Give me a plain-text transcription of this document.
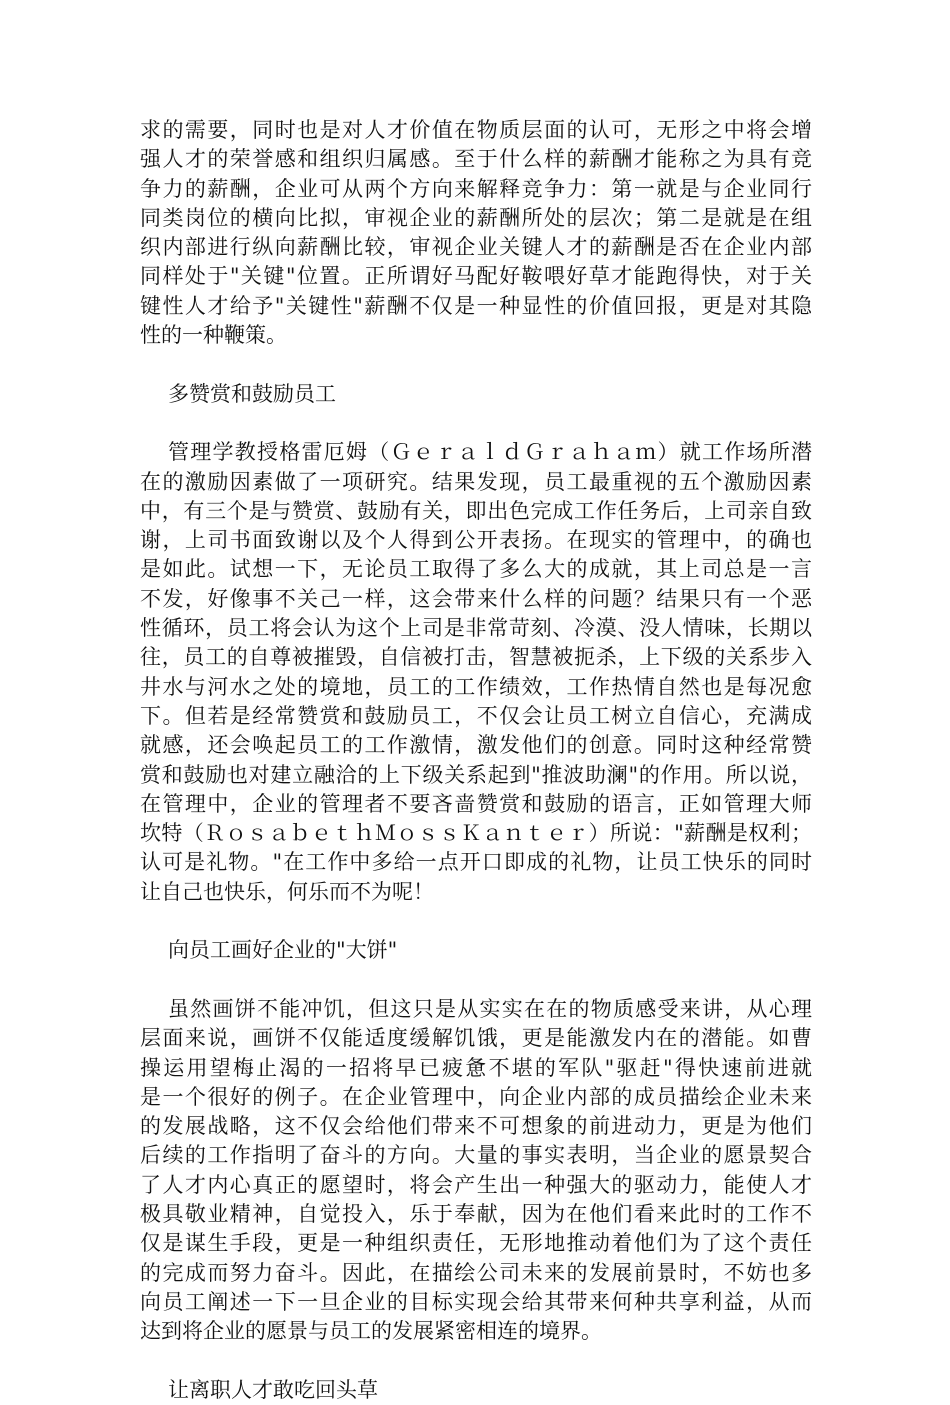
求的需要，同时也是对人才价值在物质层面的认可，无形之中将会增
强人才的荣誉感和组织归属感。至于什么样的薪酬才能称之为具有竞
争力的薪酬，企业可从两个方向来解释竞争力：第一就是与企业同行
同类岗位的横向比拟，审视企业的薪酬所处的层次；第二是就是在组
织内部进行纵向薪酬比较，审视企业关键人才的薪酬是否在企业内部
同样处于"关键"位置。正所谓好马配好鞍喂好草才能跑得快，对于关
键性人才给予"关键性"薪酬不仅是一种显性的价值回报，更是对其隐
性的一种鞭策。
多赞赏和鼓励员工
管理学教授格雷厄姆（ＧｅｒａｌｄＧｒａｈａｍ）就工作场所潜
在的激励因素做了一项研究。结果发现，员工最重视的五个激励因素
中，有三个是与赞赏、鼓励有关，即出色完成工作任务后，上司亲自致
谢，上司书面致谢以及个人得到公开表扬。在现实的管理中，的确也
是如此。试想一下，无论员工取得了多么大的成就，其上司总是一言
不发，好像事不关己一样，这会带来什么样的问题？结果只有一个恶
性循环，员工将会认为这个上司是非常苛刻、冷漠、没人情味，长期以
往，员工的自尊被摧毁，自信被打击，智慧被扼杀，上下级的关系步入
井水与河水之处的境地，员工的工作绩效，工作热情自然也是每况愈
下。但若是经常赞赏和鼓励员工，不仅会让员工树立自信心，充满成
就感，还会唤起员工的工作激情，激发他们的创意。同时这种经常赞
赏和鼓励也对建立融洽的上下级关系起到"推波助澜"的作用。所以说，
在管理中，企业的管理者不要吝啬赞赏和鼓励的语言，正如管理大师
坎特（ＲｏｓａｂｅｔｈＭｏｓｓＫａｎｔｅｒ）所说："薪酬是权利；
认可是礼物。"在工作中多给一点开口即成的礼物，让员工快乐的同时
让自己也快乐，何乐而不为呢！
向员工画好企业的"大饼"
虽然画饼不能冲饥，但这只是从实实在在的物质感受来讲，从心理
层面来说，画饼不仅能适度缓解饥饿，更是能激发内在的潜能。如曹
操运用望梅止渴的一招将早已疲惫不堪的军队"驱赶"得快速前进就
是一个很好的例子。在企业管理中，向企业内部的成员描绘企业未来
的发展战略，这不仅会给他们带来不可想象的前进动力，更是为他们
后续的工作指明了奋斗的方向。大量的事实表明，当企业的愿景契合
了人才内心真正的愿望时，将会产生出一种强大的驱动力，能使人才
极具敬业精神，自觉投入，乐于奉献，因为在他们看来此时的工作不
仅是谋生手段，更是一种组织责任，无形地推动着他们为了这个责任
的完成而努力奋斗。因此，在描绘公司未来的发展前景时，不妨也多
向员工阐述一下一旦企业的目标实现会给其带来何种共享利益，从而
达到将企业的愿景与员工的发展紧密相连的境界。
让离职人才敢吃回头草
